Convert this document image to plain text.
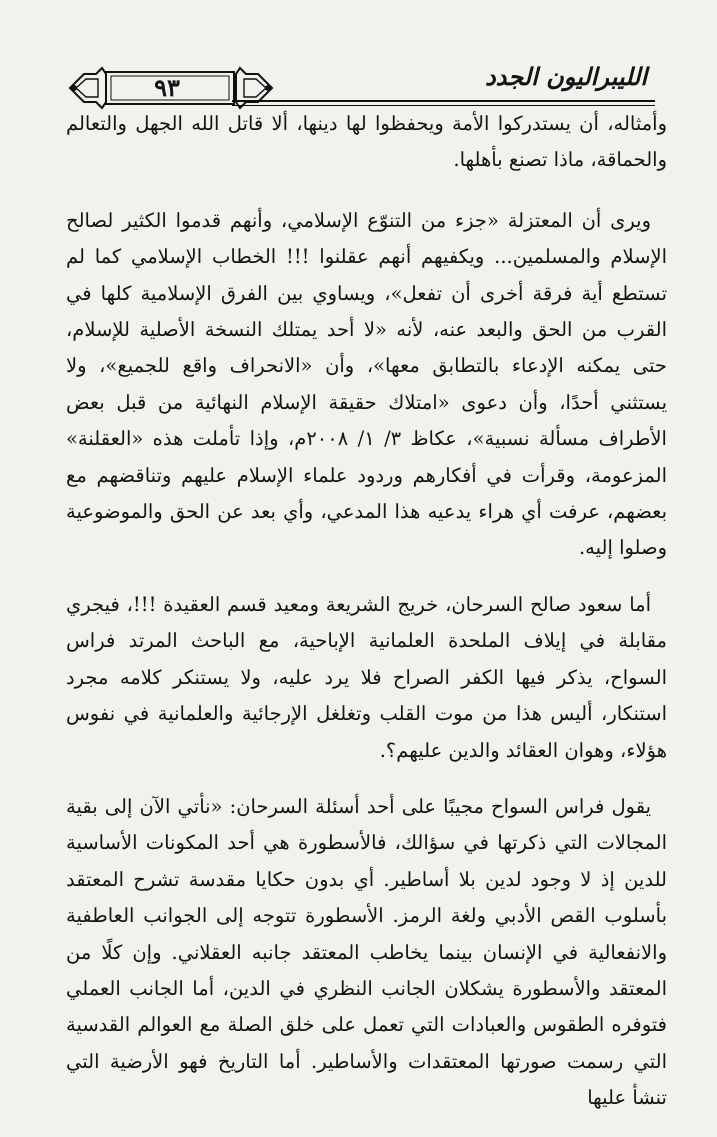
٩٣	الليبراليون الجدد

وأمثاله، أن يستدركوا الأمة ويحفظوا لها دينها، ألا قاتل الله الجهل والتعالم والحماقة، ماذا تصنع بأهلها.

ويرى أن المعتزلة «جزء من التنوّع الإسلامي، وأنهم قدموا الكثير لصالح الإسلام والمسلمين... ويكفيهم أنهم عقلنوا !!! الخطاب الإسلامي كما لم تستطع أية فرقة أخرى أن تفعل»، ويساوي بين الفرق الإسلامية كلها في القرب من الحق والبعد عنه، لأنه «لا أحد يمتلك النسخة الأصلية للإسلام، حتى يمكنه الإدعاء بالتطابق معها»، وأن «الانحراف واقع للجميع»، ولا يستثني أحدًا، وأن دعوى «امتلاك حقيقة الإسلام النهائية من قبل بعض الأطراف مسألة نسبية»، عكاظ ٣/ ١/ ٢٠٠٨م، وإذا تأملت هذه «العقلنة» المزعومة، وقرأت في أفكارهم وردود علماء الإسلام عليهم وتناقضهم مع بعضهم، عرفت أي هراء يدعيه هذا المدعي، وأي بعد عن الحق والموضوعية وصلوا إليه.

أما سعود صالح السرحان، خريج الشريعة ومعيد قسم العقيدة !!!، فيجري مقابلة في إيلاف الملحدة العلمانية الإباحية، مع الباحث المرتد فراس السواح، يذكر فيها الكفر الصراح فلا يرد عليه، ولا يستنكر كلامه مجرد استنكار، أليس هذا من موت القلب وتغلغل الإرجائية والعلمانية في نفوس هؤلاء، وهوان العقائد والدين عليهم؟.

يقول فراس السواح مجيبًا على أحد أسئلة السرحان: «نأتي الآن إلى بقية المجالات التي ذكرتها في سؤالك، فالأسطورة هي أحد المكونات الأساسية للدين إذ لا وجود لدين بلا أساطير. أي بدون حكايا مقدسة تشرح المعتقد بأسلوب القص الأدبي ولغة الرمز. الأسطورة تتوجه إلى الجوانب العاطفية والانفعالية في الإنسان بينما يخاطب المعتقد جانبه العقلاني. وإن كلًا من المعتقد والأسطورة يشكلان الجانب النظري في الدين، أما الجانب العملي فتوفره الطقوس والعبادات التي تعمل على خلق الصلة مع العوالم القدسية التي رسمت صورتها المعتقدات والأساطير. أما التاريخ فهو الأرضية التي تنشأ عليها
